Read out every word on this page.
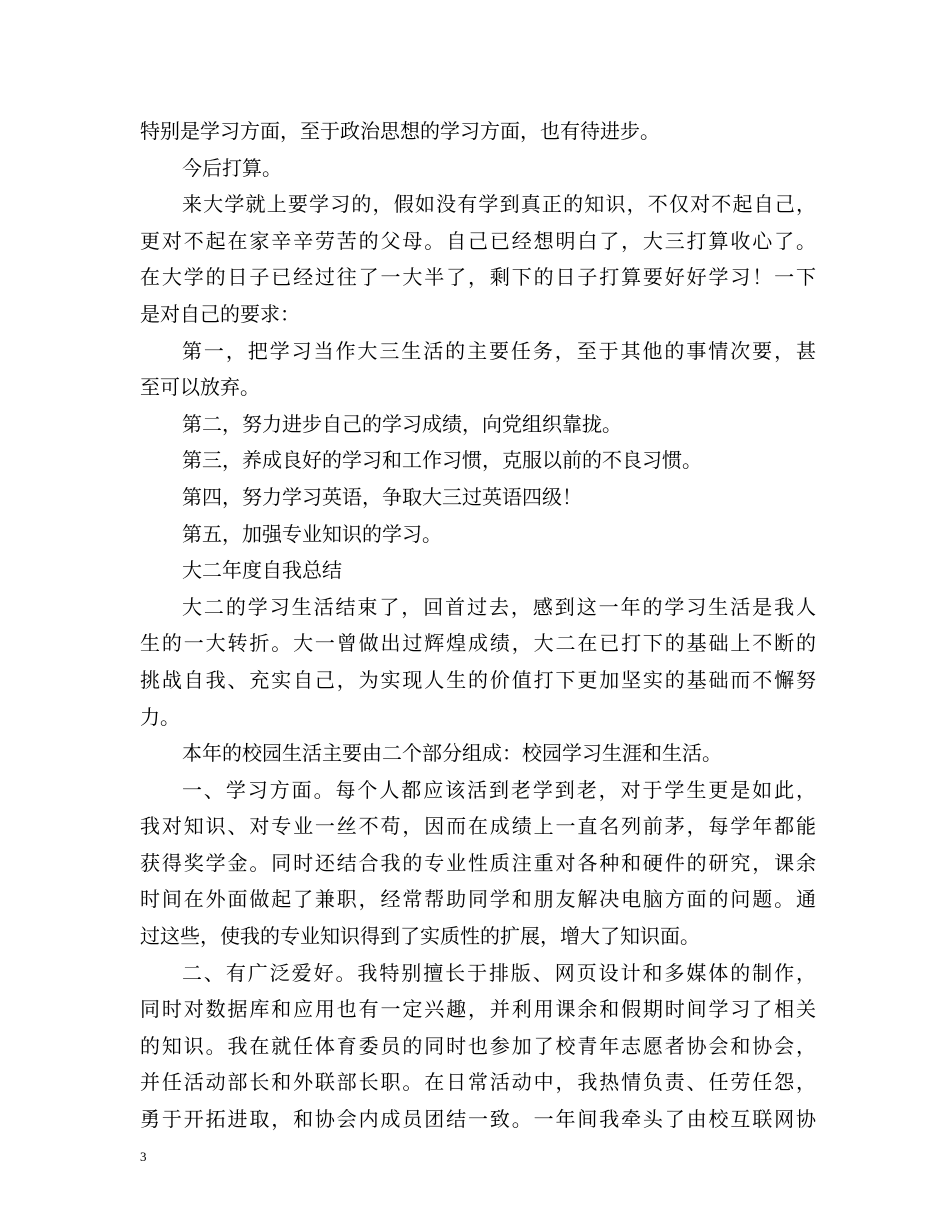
特别是学习方面，至于政治思想的学习方面，也有待进步。
今后打算。
来大学就上要学习的，假如没有学到真正的知识，不仅对不起自己，
更对不起在家辛辛劳苦的父母。自己已经想明白了，大三打算收心了。
在大学的日子已经过往了一大半了，剩下的日子打算要好好学习！一下
是对自己的要求：
第一，把学习当作大三生活的主要任务，至于其他的事情次要，甚
至可以放弃。
第二，努力进步自己的学习成绩，向党组织靠拢。
第三，养成良好的学习和工作习惯，克服以前的不良习惯。
第四，努力学习英语，争取大三过英语四级！
第五，加强专业知识的学习。
大二年度自我总结
大二的学习生活结束了，回首过去，感到这一年的学习生活是我人
生的一大转折。大一曾做出过辉煌成绩，大二在已打下的基础上不断的
挑战自我、充实自己，为实现人生的价值打下更加坚实的基础而不懈努
力。
本年的校园生活主要由二个部分组成：校园学习生涯和生活。
一、学习方面。每个人都应该活到老学到老，对于学生更是如此，
我对知识、对专业一丝不苟，因而在成绩上一直名列前茅，每学年都能
获得奖学金。同时还结合我的专业性质注重对各种和硬件的研究，课余
时间在外面做起了兼职，经常帮助同学和朋友解决电脑方面的问题。通
过这些，使我的专业知识得到了实质性的扩展，增大了知识面。
二、有广泛爱好。我特别擅长于排版、网页设计和多媒体的制作，
同时对数据库和应用也有一定兴趣，并利用课余和假期时间学习了相关
的知识。我在就任体育委员的同时也参加了校青年志愿者协会和协会，
并任活动部长和外联部长职。在日常活动中，我热情负责、任劳任怨，
勇于开拓进取，和协会内成员团结一致。一年间我牵头了由校互联网协
3
